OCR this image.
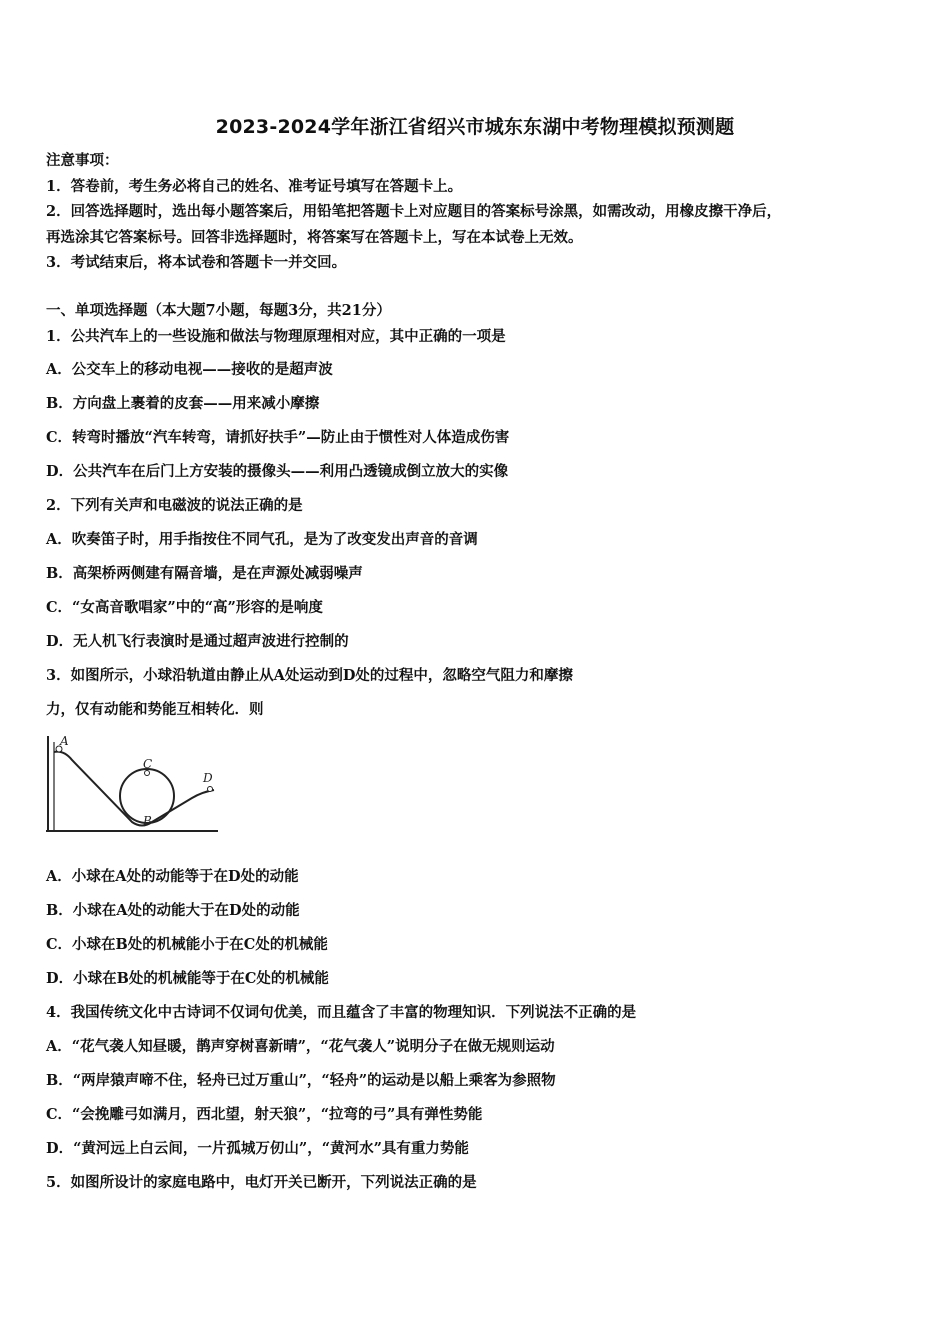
2023-2024学年浙江省绍兴市城东东湖中考物理模拟预测题
注意事项：
1．答卷前，考生务必将自己的姓名、准考证号填写在答题卡上。
2．回答选择题时，选出每小题答案后，用铅笔把答题卡上对应题目的答案标号涂黑，如需改动，用橡皮擦干净后，
再选涂其它答案标号。回答非选择题时，将答案写在答题卡上，写在本试卷上无效。
3．考试结束后，将本试卷和答题卡一并交回。
一、单项选择题（本大题7小题，每题3分，共21分）
1．公共汽车上的一些设施和做法与物理原理相对应，其中正确的一项是
A．公交车上的移动电视——接收的是超声波
B．方向盘上裹着的皮套——用来减小摩擦
C．转弯时播放“汽车转弯，请抓好扶手”—防止由于惯性对人体造成伤害
D．公共汽车在后门上方安装的摄像头——利用凸透镜成倒立放大的实像
2．下列有关声和电磁波的说法正确的是
A．吹奏笛子时，用手指按住不同气孔，是为了改变发出声音的音调
B．高架桥两侧建有隔音墙，是在声源处减弱噪声
C．“女高音歌唱家”中的“高”形容的是响度
D．无人机飞行表演时是通过超声波进行控制的
3．如图所示，小球沿轨道由静止从A处运动到D处的过程中，忽略空气阻力和摩擦
力，仅有动能和势能互相转化．则
A
B
C
D
A．小球在A处的动能等于在D处的动能
B．小球在A处的动能大于在D处的动能
C．小球在B处的机械能小于在C处的机械能
D．小球在B处的机械能等于在C处的机械能
4．我国传统文化中古诗词不仅词句优美，而且蕴含了丰富的物理知识．下列说法不正确的是
A．“花气袭人知昼暖，鹊声穿树喜新晴”，“花气袭人”说明分子在做无规则运动
B．“两岸猿声啼不住，轻舟已过万重山”，“轻舟”的运动是以船上乘客为参照物
C．“会挽雕弓如满月，西北望，射天狼”，“拉弯的弓”具有弹性势能
D．“黄河远上白云间，一片孤城万仞山”，“黄河水”具有重力势能
5．如图所设计的家庭电路中，电灯开关已断开，下列说法正确的是
